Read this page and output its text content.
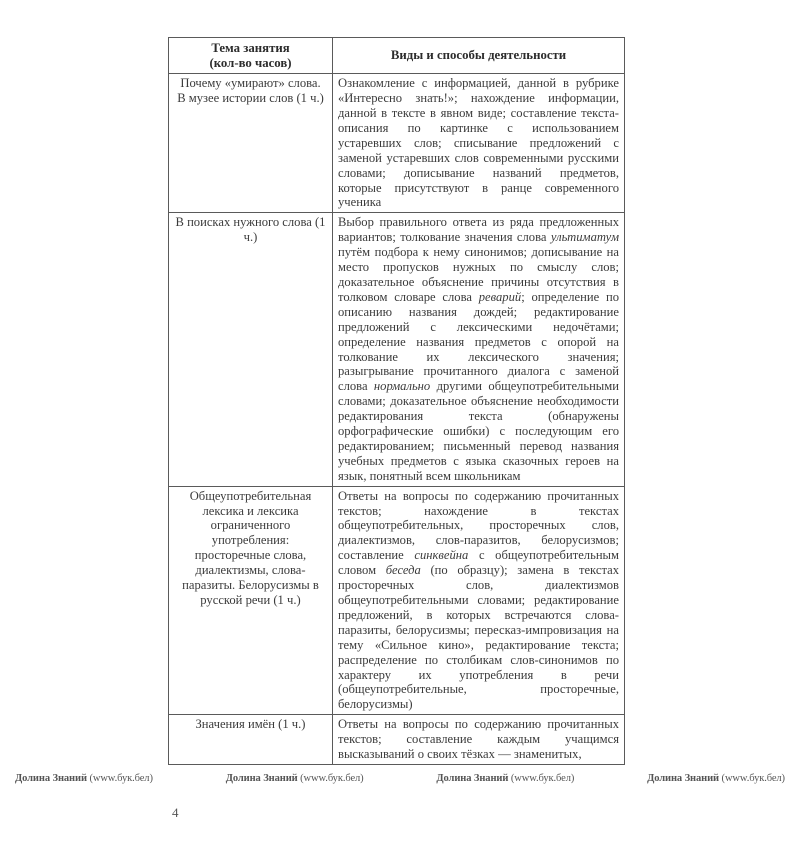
Тема занятия
(кол-во часов)	Виды и способы деятельности
Почему «умирают» слова. В музее истории слов (1 ч.)	Ознакомление с информацией, данной в рубрике «Интересно знать!»; нахождение информации, данной в тексте в явном виде; составление текста-описания по картинке с использованием устаревших слов; списывание предложений с заменой устаревших слов современными русскими словами; дописывание названий предметов, которые присутствуют в ранце современного ученика
В поисках нужного слова (1 ч.)	Выбор правильного ответа из ряда предложенных вариантов; толкование значения слова ультиматум путём подбора к нему синонимов; дописывание на место пропусков нужных по смыслу слов; доказательное объяснение причины отсутствия в толковом словаре слова реварий; определение по описанию названия дождей; редактирование предложений с лексическими недочётами; определение названия предметов с опорой на толкование их лексического значения; разыгрывание прочитанного диалога с заменой слова нормально другими общеупотребительными словами; доказательное объяснение необходимости редактирования текста (обнаружены орфографические ошибки) с последующим его редактированием; письменный перевод названия учебных предметов с языка сказочных героев на язык, понятный всем школьникам
Общеупотребительная лексика и лексика ограниченного употребления: просторечные слова, диалектизмы, слова-паразиты. Белорусизмы в русской речи (1 ч.)	Ответы на вопросы по содержанию прочитанных текстов; нахождение в текстах общеупотребительных, просторечных слов, диалектизмов, слов-паразитов, белорусизмов; составление синквейна с общеупотребительным словом беседа (по образцу); замена в текстах просторечных слов, диалектизмов общеупотребительными словами; редактирование предложений, в которых встречаются слова-паразиты, белорусизмы; пересказ-импровизация на тему «Сильное кино», редактирование текста; распределение по столбикам слов-синонимов по характеру их употребления в речи (общеупотребительные, просторечные, белорусизмы)
Значения имён (1 ч.)	Ответы на вопросы по содержанию прочитанных текстов; составление каждым учащимся высказываний о своих тёзках — знаменитых,
Долина Знаний (www.бук.бел)	Долина Знаний (www.бук.бел)	Долина Знаний (www.бук.бел)	Долина Знаний (www.бук.бел)
4
